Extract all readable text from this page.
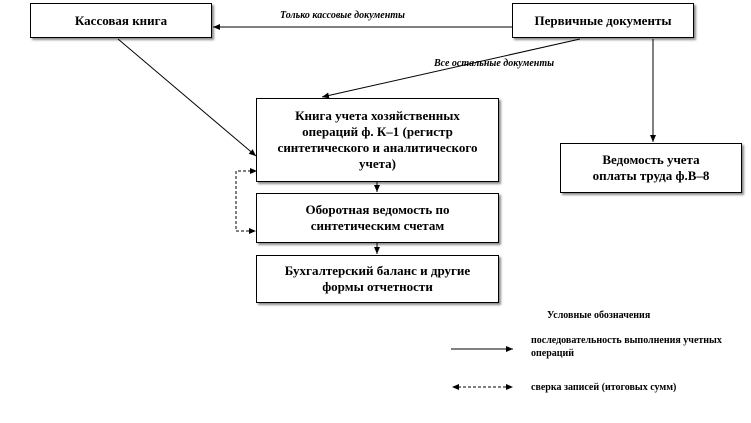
Кассовая книга	Первичные документы
Книга учета хозяйственных операций ф. К–1 (регистр синтетического и аналитического учета)	Ведомость учета оплаты труда ф.В–8
Оборотная ведомость по синтетическим счетам
Бухгалтерский баланс и другие формы отчетности
Только кассовые документы
Все остальные документы
Условные обозначения
последовательность выполнения учетных операций
сверка записей (итоговых сумм)
